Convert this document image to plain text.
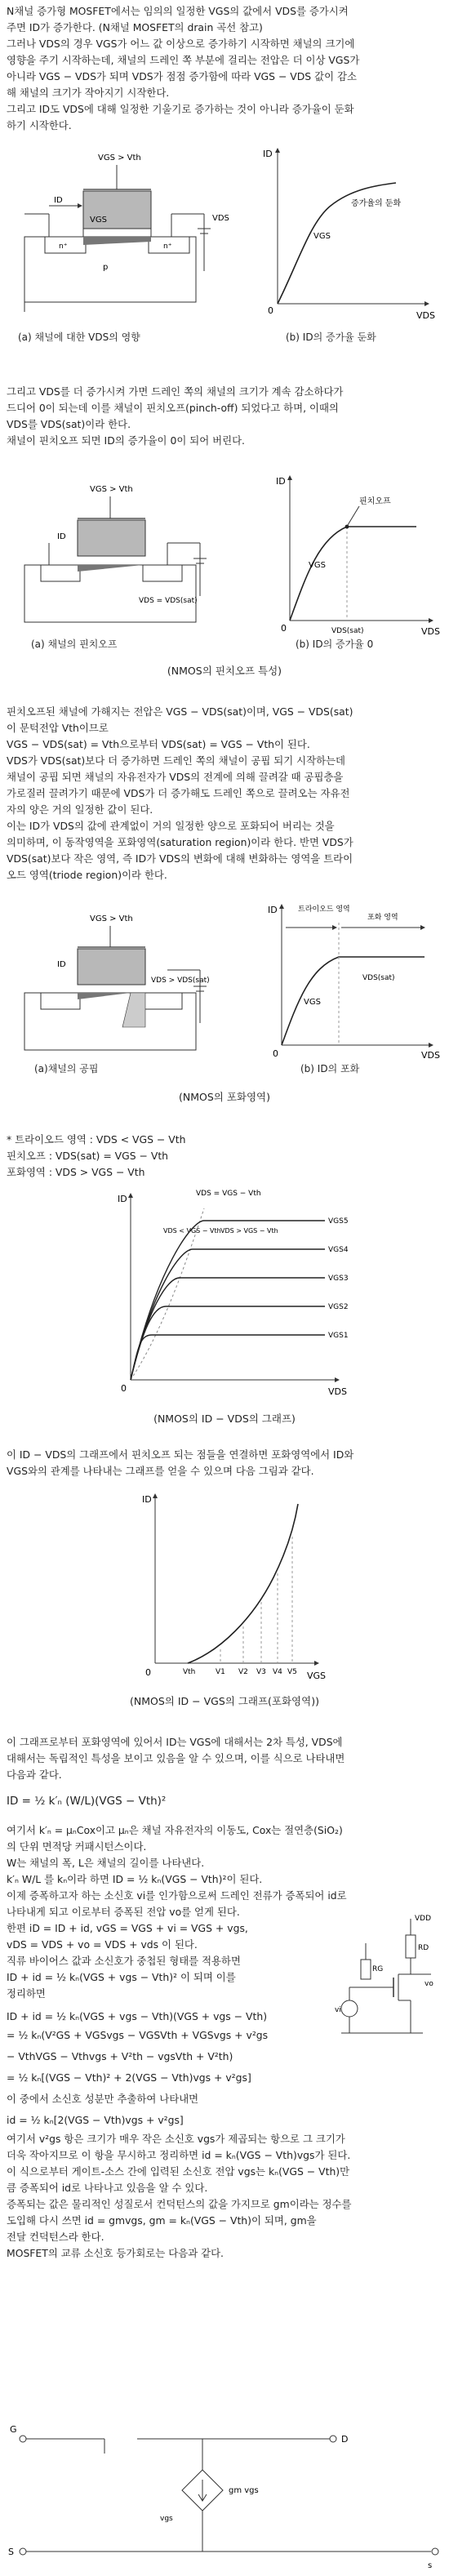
N채널 증가형 MOSFET에서는 임의의 일정한 VGS의 값에서 VDS를 증가시켜
주면 ID가 증가한다. (N채널 MOSFET의 drain 곡선 참고)
그러나 VDS의 경우 VGS가 어느 값 이상으로 증가하기 시작하면 채널의 크기에
영향을 주기 시작하는데, 채널의 드레인 쪽 부분에 걸리는 전압은 더 이상 VGS가
아니라 VGS − VDS가 되며 VDS가 점점 증가함에 따라 VGS − VDS 값이 감소
해 채널의 크기가 작아지기 시작한다.
그리고 ID도 VDS에 대해 일정한 기울기로 증가하는 것이 아니라 증가율이 둔화
하기 시작한다.
VGS > Vth
ID
VGS	VDS
n⁺	n⁺
p
(a) 채널에 대한 VDS의 영향
ID
VDS
0
증가율의 둔화
VGS
(b) ID의 증가율 둔화
그리고 VDS를 더 증가시켜 가면 드레인 쪽의 채널의 크기가 계속 감소하다가
드디어 0이 되는데 이를 채널이 핀치오프(pinch-off) 되었다고 하며, 이때의
VDS를 VDS(sat)이라 한다.
채널이 핀치오프 되면 ID의 증가율이 0이 되어 버린다.
VGS > Vth
VDS = VDS(sat)
ID
(a) 채널의 핀치오프
핀치오프
ID
VDS
0	VDS(sat)
VGS
(b) ID의 증가율 0
(NMOS의 핀치오프 특성)
핀치오프된 채널에 가해지는 전압은 VGS − VDS(sat)이며, VGS − VDS(sat)
이 문턱전압 Vth이므로
VGS − VDS(sat) = Vth으로부터 VDS(sat) = VGS − Vth이 된다.
VDS가 VDS(sat)보다 더 증가하면 드레인 쪽의 채널이 공핍 되기 시작하는데
채널이 공핍 되면 채널의 자유전자가 VDS의 전계에 의해 끌려갈 때 공핍층을
가로질러 끌려가기 때문에 VDS가 더 증가해도 드레인 쪽으로 끌려오는 자유전
자의 양은 거의 일정한 값이 된다.
이는 ID가 VDS의 값에 관계없이 거의 일정한 양으로 포화되어 버리는 것을
의미하며, 이 동작영역을 포화영역(saturation region)이라 한다. 반면 VDS가
VDS(sat)보다 작은 영역, 즉 ID가 VDS의 변화에 대해 변화하는 영역을 트라이
오드 영역(triode region)이라 한다.
VGS > Vth
VDS > VDS(sat)
ID
(a)채널의 공핍
트라이오드 영역
포화 영역
ID
VDS
0
VDS(sat)
VGS
(b) ID의 포화
(NMOS의 포화영역)
* 트라이오드 영역 : VDS < VGS − Vth
핀치오프 : VDS(sat) = VGS − Vth
포화영역 : VDS > VGS − Vth
VDS = VGS − Vth
VDS < VGS − Vth VDS > VGS − Vth
ID
VDS
0
VGS5
VGS4
VGS3
VGS2
VGS1
(NMOS의 ID − VDS의 그래프)
이 ID − VDS의 그래프에서 핀치오프 되는 점들을 연결하면 포화영역에서 ID와
VGS와의 관계를 나타내는 그래프를 얻을 수 있으며 다음 그림과 같다.
Vth	V1 V2 V3 V4 V5
ID
VGS
0
(NMOS의 ID − VGS의 그래프(포화영역))
이 그래프로부터 포화영역에 있어서 ID는 VGS에 대해서는 2차 특성, VDS에
대해서는 독립적인 특성을 보이고 있음을 알 수 있으며, 이를 식으로 나타내면
다음과 같다.
ID = ½ k′ₙ (W/L)(VGS − Vth)²
여기서 k′ₙ = μₙCox이고 μₙ은 채널 자유전자의 이동도, Cox는 절연층(SiO₂)
의 단위 면적당 커패시턴스이다.
W는 채널의 폭, L은 채널의 길이를 나타낸다.
k′ₙ W/L 를 kₙ이라 하면 ID = ½ kₙ(VGS − Vth)²이 된다.
이제 증폭하고자 하는 소신호 vi를 인가함으로써 드레인 전류가 증폭되어 id로
나타내게 되고 이로부터 증폭된 전압 vo를 얻게 된다.
한편 iD = ID + id, vGS = VGS + vi = VGS + vgs,
vDS = VDS + vo = VDS + vds 이 된다.
직류 바이어스 값과 소신호가 중첩된 형태를 적용하면
ID + id = ½ kₙ(VGS + vgs − Vth)² 이 되며 이를
정리하면
VDD
RD
RG
vo
vi
ID + id = ½ kₙ(VGS + vgs − Vth)(VGS + vgs − Vth)
= ½ kₙ(V²GS + VGSvgs − VGSVth + VGSvgs + v²gs
− VthVGS − Vthvgs + V²th − vgsVth + V²th)
= ½ kₙ[(VGS − Vth)² + 2(VGS − Vth)vgs + v²gs]
이 중에서 소신호 성분만 추출하여 나타내면
id = ½ kₙ[2(VGS − Vth)vgs + v²gs]
여기서 v²gs 항은 크기가 매우 작은 소신호 vgs가 제곱되는 항으로 그 크기가
더욱 작아지므로 이 항을 무시하고 정리하면 id = kₙ(VGS − Vth)vgs가 된다.
이 식으로부터 게이트-소스 간에 입력된 소신호 전압 vgs는 kₙ(VGS − Vth)만
큼 증폭되어 id로 나타나고 있음을 알 수 있다.
증폭되는 값은 물리적인 성질로서 컨덕턴스의 값을 가지므로 gm이라는 정수를
도입해 다시 쓰면 id = gmvgs, gm = kₙ(VGS − Vth)이 되며, gm을
전달 컨덕턴스라 한다.
MOSFET의 교류 소신호 등가회로는 다음과 같다.
G
D
S
s
vgs
gm vgs
